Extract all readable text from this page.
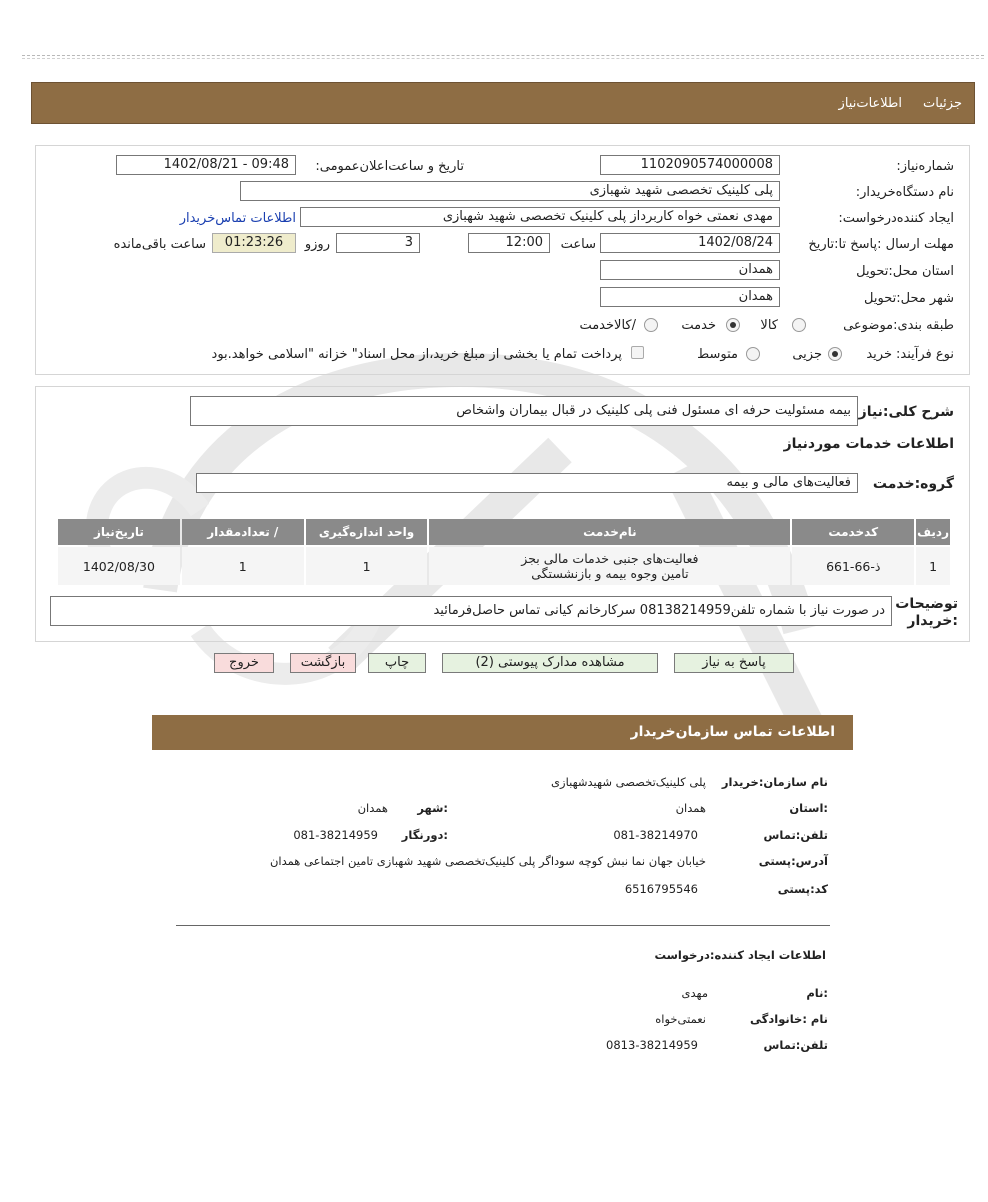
جزئیات
اطلاعات‌نیاز
شماره‌نیاز:
1102090574000008
تاریخ و ساعت‌اعلان‌عمومی:
1402/08/21 - 09:48
نام دستگاه‌خریدار:
پلی کلینیک تخصصی شهید شهبازی
ایجاد کننده‌درخواست:
مهدی نعمتی خواه کاربرداز پلی کلینیک تخصصی شهید شهبازی
اطلاعات تماس‌خریدار
مهلت ارسال :پاسخ تا:تاریخ
1402/08/24
ساعت
12:00
3
روزو
01:23:26
ساعت باقی‌مانده
استان محل:تحویل
همدان
شهر محل:تحویل
همدان
طبقه بندی:موضوعی
کالا
خدمت
/کالاخدمت
نوع فرآیند:
خرید
جزیی
متوسط
پرداخت تمام یا بخشی از مبلغ خرید،از محل اسناد" خزانه "اسلامی خواهد.بود
شرح کلی:نیاز
بیمه مسئولیت حرفه ای مسئول فنی پلی کلینیک در قبال بیماران واشخاص
اطلاعات خدمات موردنیاز
گروه:خدمت
فعالیت‌های مالی و بیمه
ردیف	کدخدمت	نام‌خدمت	واحد اندازه‌گیری	/ تعدادمقدار	تاریخ‌نیاز
1	ذ-66-661	فعالیت‌های جنبی خدمات مالی بجز
تامین وجوه بیمه و بازنشستگی	1	1	1402/08/30
توضیحات :خریدار
در صورت نیاز با شماره تلفن08138214959 سرکارخانم کیانی تماس حاصل‌فرمائید
پاسخ به نیاز
مشاهده مدارک پیوستی (2)
چاپ
بازگشت
خروج
اطلاعات تماس سازمان‌خریدار
نام سازمان:خریدار
پلی کلینیک‌تخصصی شهیدشهبازی
:استان
همدان
:شهر
همدان
تلفن:تماس
081-38214970
:دورنگار
081-38214959
آدرس:پستی
خیابان جهان نما نبش کوچه سوداگر پلی کلینیک‌تخصصی شهید شهبازی تامین اجتماعی همدان
کد:پستی
6516795546
اطلاعات ایجاد کننده:درخواست
:نام
مهدی
نام :خانوادگی
نعمتی‌خواه
تلفن:تماس
0813-38214959
